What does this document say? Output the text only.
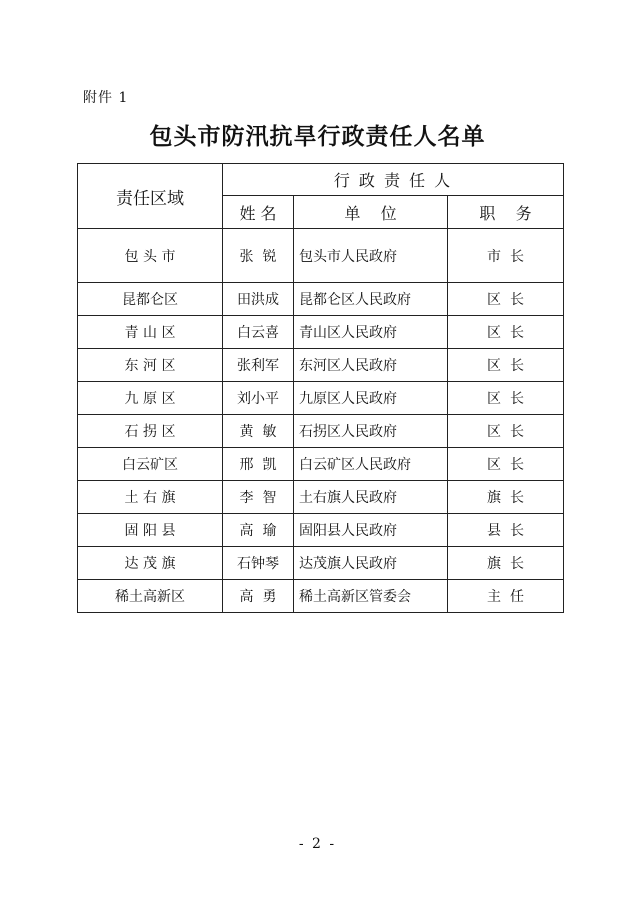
附件 1
包头市防汛抗旱行政责任人名单
责任区域	行 政 责 任 人		
	姓 名	单    位	职    务
包 头 市	张  锐	包头市人民政府	市  长
昆都仑区	田洪成	昆都仑区人民政府	区  长
青 山 区	白云喜	青山区人民政府	区  长
东 河 区	张利军	东河区人民政府	区  长
九 原 区	刘小平	九原区人民政府	区  长
石 拐 区	黄  敏	石拐区人民政府	区  长
白云矿区	邢  凯	白云矿区人民政府	区  长
土 右 旗	李  智	土右旗人民政府	旗  长
固 阳 县	高  瑜	固阳县人民政府	县  长
达 茂 旗	石钟琴	达茂旗人民政府	旗  长
稀土高新区	高  勇	稀土高新区管委会	主  任
- 2 -
